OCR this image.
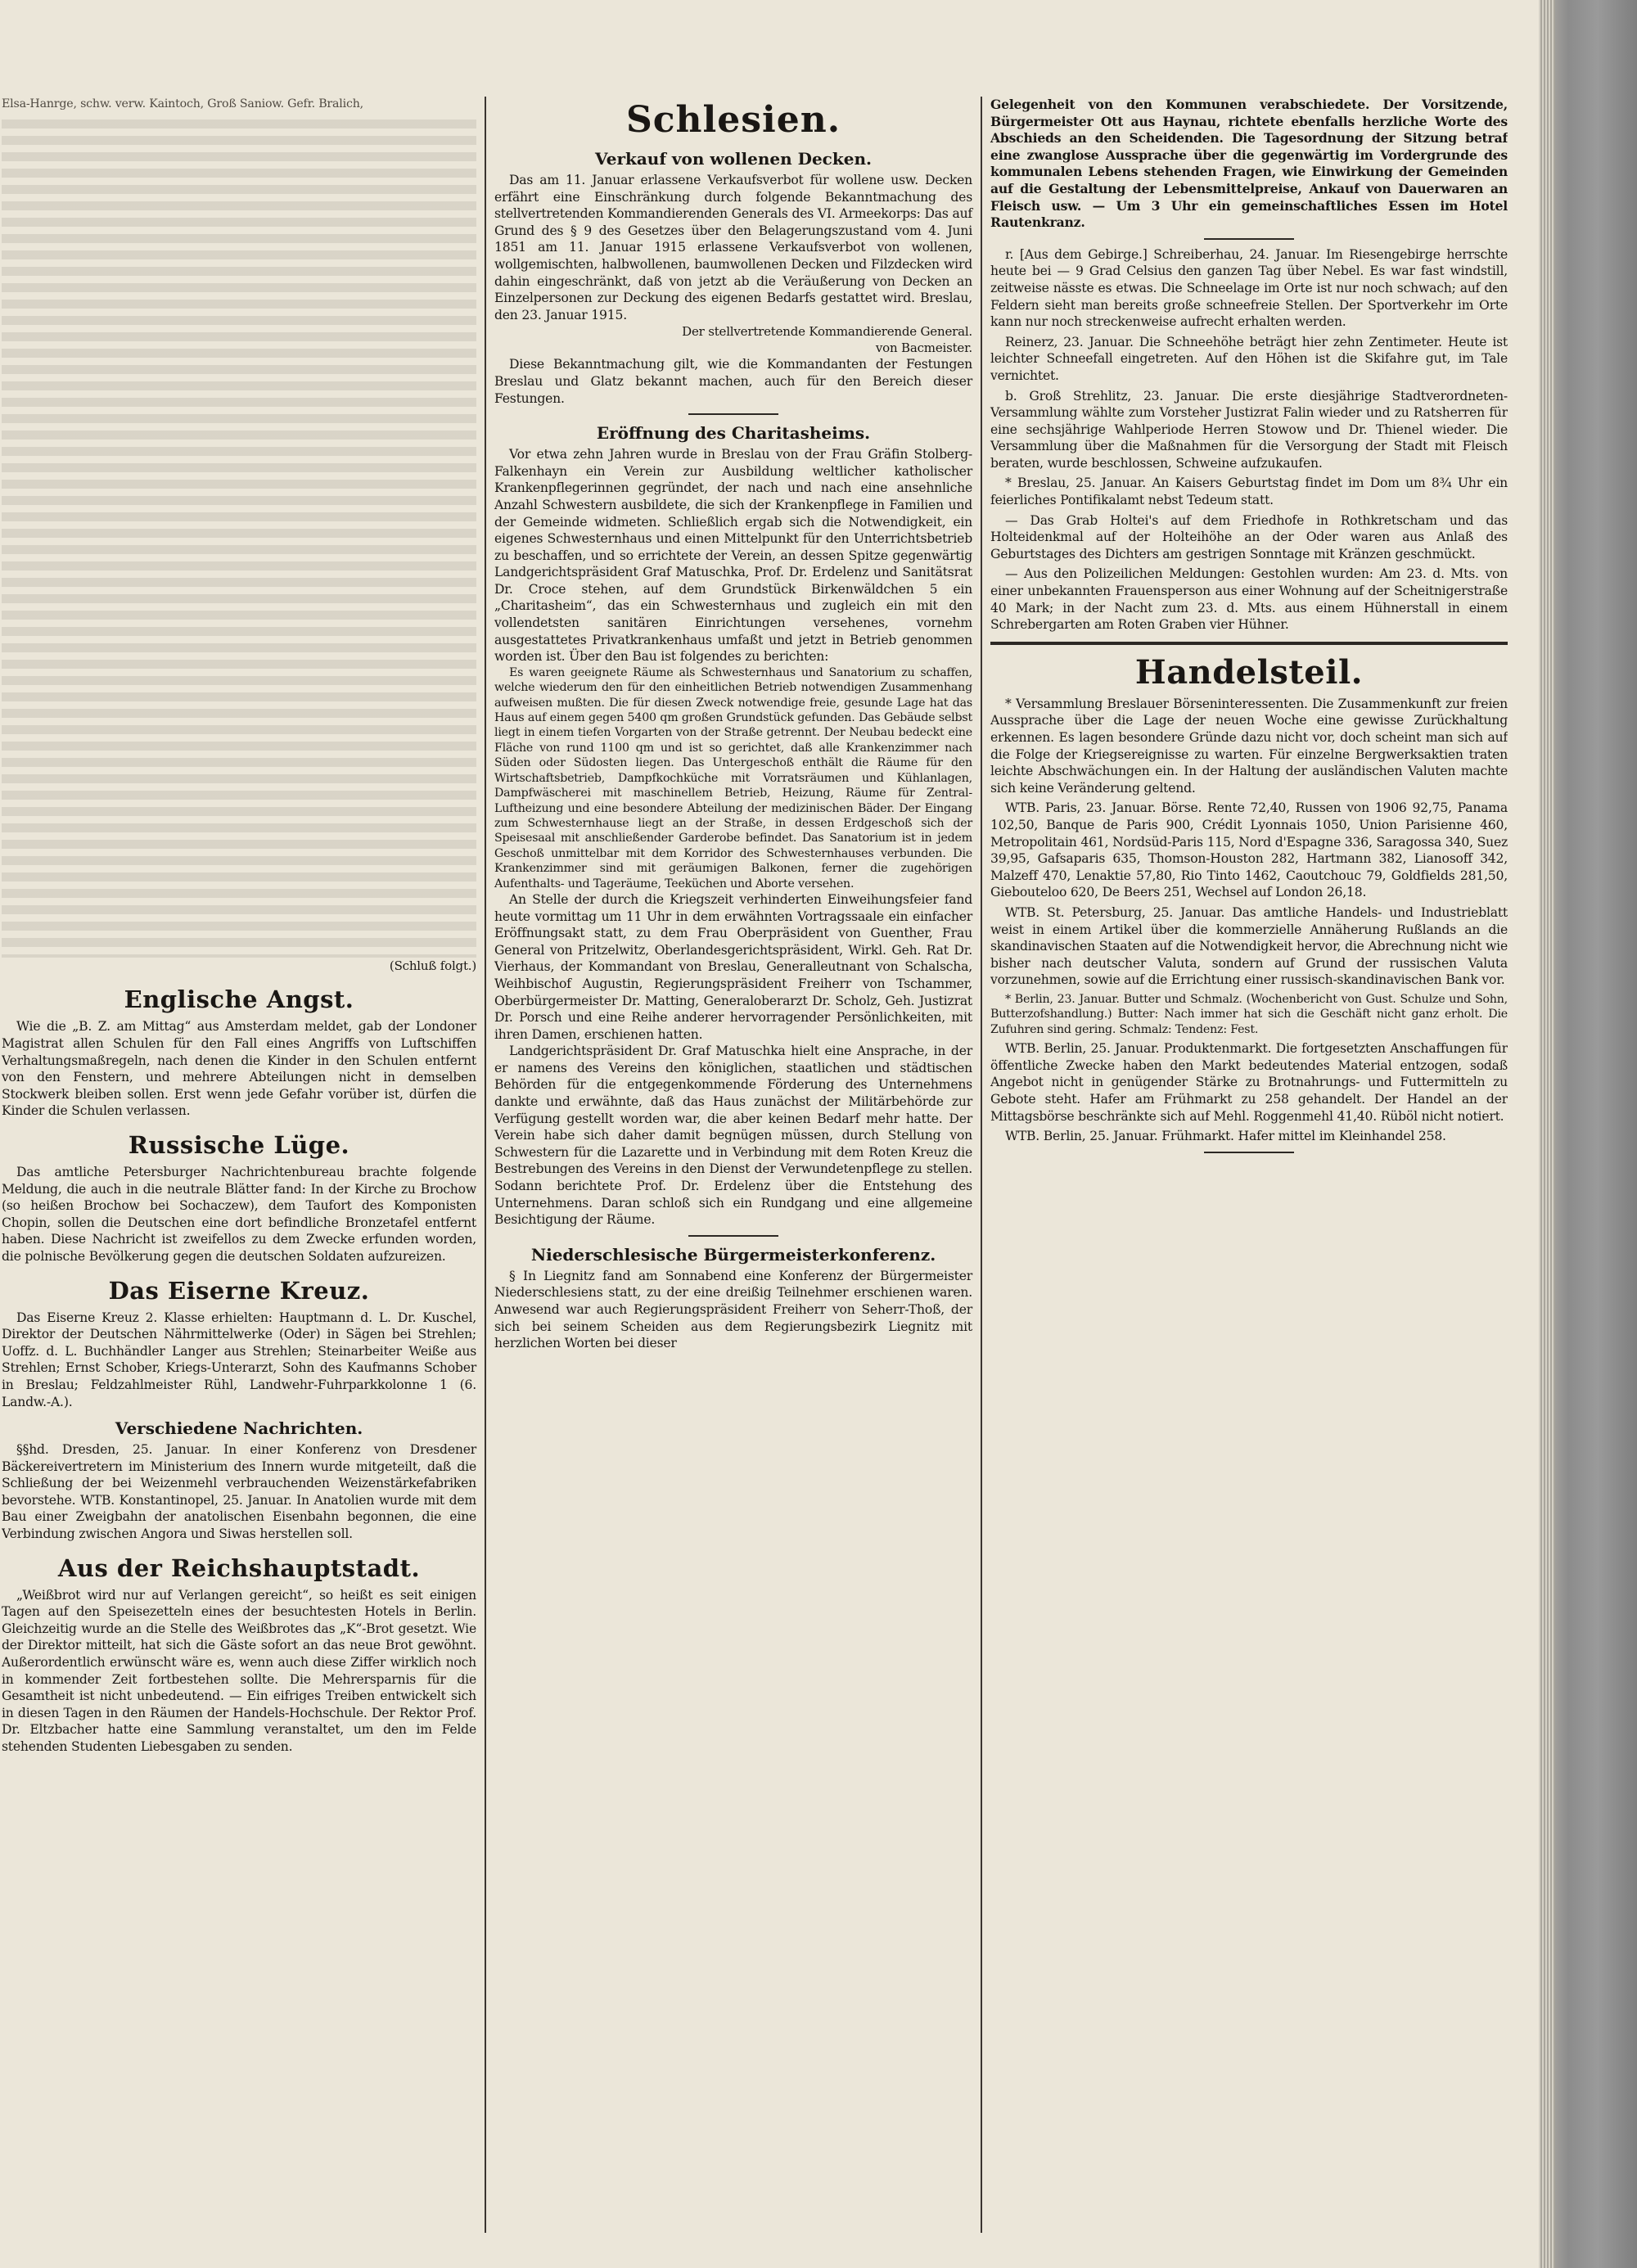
Elsa-Hanrge, schw. verw. Kaintoch, Groß Saniow. Gefr. Bralich,

(Schluß folgt.)

Englische Angst.

Wie die „B. Z. am Mittag“ aus Amsterdam meldet, gab der Londoner Magistrat allen Schulen für den Fall eines Angriffs von Luftschiffen Verhaltungsmaßregeln, nach denen die Kinder in den Schulen entfernt von den Fenstern, und mehrere Abteilungen nicht in demselben Stockwerk bleiben sollen. Erst wenn jede Gefahr vorüber ist, dürfen die Kinder die Schulen verlassen.

Russische Lüge.

Das amtliche Petersburger Nachrichtenbureau brachte folgende Meldung, die auch in die neutrale Blätter fand: In der Kirche zu Brochow (so heißen Brochow bei Sochaczew), dem Taufort des Komponisten Chopin, sollen die Deutschen eine dort befindliche Bronzetafel entfernt haben. Diese Nachricht ist zweifellos zu dem Zwecke erfunden worden, die polnische Bevölkerung gegen die deutschen Soldaten aufzureizen.

Das Eiserne Kreuz.

Das Eiserne Kreuz 2. Klasse erhielten: Hauptmann d. L. Dr. Kuschel, Direktor der Deutschen Nährmittelwerke (Oder) in Sägen bei Strehlen; Uoffz. d. L. Buchhändler Langer aus Strehlen; Steinarbeiter Weiße aus Strehlen; Ernst Schober, Kriegs-Unterarzt, Sohn des Kaufmanns Schober in Breslau; Feldzahlmeister Rühl, Landwehr-Fuhrparkkolonne 1 (6. Landw.-A.).

Verschiedene Nachrichten.

§§hd. Dresden, 25. Januar. In einer Konferenz von Dresdener Bäckereivertretern im Ministerium des Innern wurde mitgeteilt, daß die Schließung der bei Weizenmehl verbrauchenden Weizenstärkefabriken bevorstehe. WTB. Konstantinopel, 25. Januar. In Anatolien wurde mit dem Bau einer Zweigbahn der anatolischen Eisenbahn begonnen, die eine Verbindung zwischen Angora und Siwas herstellen soll.

Aus der Reichshauptstadt.

„Weißbrot wird nur auf Verlangen gereicht“, so heißt es seit einigen Tagen auf den Speisezetteln eines der besuchtesten Hotels in Berlin. Gleichzeitig wurde an die Stelle des Weißbrotes das „K“-Brot gesetzt. Wie der Direktor mitteilt, hat sich die Gäste sofort an das neue Brot gewöhnt. Außerordentlich erwünscht wäre es, wenn auch diese Ziffer wirklich noch in kommender Zeit fortbestehen sollte. Die Mehrersparnis für die Gesamtheit ist nicht unbedeutend. — Ein eifriges Treiben entwickelt sich in diesen Tagen in den Räumen der Handels-Hochschule. Der Rektor Prof. Dr. Eltzbacher hatte eine Sammlung veranstaltet, um den im Felde stehenden Studenten Liebesgaben zu senden.

Schlesien.
Verkauf von wollenen Decken.

Das am 11. Januar erlassene Verkaufsverbot für wollene usw. Decken erfährt eine Einschränkung durch folgende Bekanntmachung des stellvertretenden Kommandierenden Generals des VI. Armeekorps: Das auf Grund des § 9 des Gesetzes über den Belagerungszustand vom 4. Juni 1851 am 11. Januar 1915 erlassene Verkaufsverbot von wollenen, wollgemischten, halbwollenen, baumwollenen Decken und Filzdecken wird dahin eingeschränkt, daß von jetzt ab die Veräußerung von Decken an Einzelpersonen zur Deckung des eigenen Bedarfs gestattet wird. Breslau, den 23. Januar 1915.

Der stellvertretende Kommandierende General.

von Bacmeister.

Diese Bekanntmachung gilt, wie die Kommandanten der Festungen Breslau und Glatz bekannt machen, auch für den Bereich dieser Festungen.

Eröffnung des Charitasheims.

Vor etwa zehn Jahren wurde in Breslau von der Frau Gräfin Stolberg-Falkenhayn ein Verein zur Ausbildung weltlicher katholischer Krankenpflegerinnen gegründet, der nach und nach eine ansehnliche Anzahl Schwestern ausbildete, die sich der Krankenpflege in Familien und der Gemeinde widmeten. Schließlich ergab sich die Notwendigkeit, ein eigenes Schwesternhaus und einen Mittelpunkt für den Unterrichtsbetrieb zu beschaffen, und so errichtete der Verein, an dessen Spitze gegenwärtig Landgerichtspräsident Graf Matuschka, Prof. Dr. Erdelenz und Sanitätsrat Dr. Croce stehen, auf dem Grundstück Birkenwäldchen 5 ein „Charitasheim“, das ein Schwesternhaus und zugleich ein mit den vollendetsten sanitären Einrichtungen versehenes, vornehm ausgestattetes Privatkrankenhaus umfaßt und jetzt in Betrieb genommen worden ist. Über den Bau ist folgendes zu berichten:

Es waren geeignete Räume als Schwesternhaus und Sanatorium zu schaffen, welche wiederum den für den einheitlichen Betrieb notwendigen Zusammenhang aufweisen mußten. Die für diesen Zweck notwendige freie, gesunde Lage hat das Haus auf einem gegen 5400 qm großen Grundstück gefunden. Das Gebäude selbst liegt in einem tiefen Vorgarten von der Straße getrennt. Der Neubau bedeckt eine Fläche von rund 1100 qm und ist so gerichtet, daß alle Krankenzimmer nach Süden oder Südosten liegen. Das Untergeschoß enthält die Räume für den Wirtschaftsbetrieb, Dampfkochküche mit Vorratsräumen und Kühlanlagen, Dampfwäscherei mit maschinellem Betrieb, Heizung, Räume für Zentral-Luftheizung und eine besondere Abteilung der medizinischen Bäder. Der Eingang zum Schwesternhause liegt an der Straße, in dessen Erdgeschoß sich der Speisesaal mit anschließender Garderobe befindet. Das Sanatorium ist in jedem Geschoß unmittelbar mit dem Korridor des Schwesternhauses verbunden. Die Krankenzimmer sind mit geräumigen Balkonen, ferner die zugehörigen Aufenthalts- und Tageräume, Teeküchen und Aborte versehen.

An Stelle der durch die Kriegszeit verhinderten Einweihungsfeier fand heute vormittag um 11 Uhr in dem erwähnten Vortragssaale ein einfacher Eröffnungsakt statt, zu dem Frau Oberpräsident von Guenther, Frau General von Pritzelwitz, Oberlandesgerichtspräsident, Wirkl. Geh. Rat Dr. Vierhaus, der Kommandant von Breslau, Generalleutnant von Schalscha, Weihbischof Augustin, Regierungspräsident Freiherr von Tschammer, Oberbürgermeister Dr. Matting, Generaloberarzt Dr. Scholz, Geh. Justizrat Dr. Porsch und eine Reihe anderer hervorragender Persönlichkeiten, mit ihren Damen, erschienen hatten.

Landgerichtspräsident Dr. Graf Matuschka hielt eine Ansprache, in der er namens des Vereins den königlichen, staatlichen und städtischen Behörden für die entgegenkommende Förderung des Unternehmens dankte und erwähnte, daß das Haus zunächst der Militärbehörde zur Verfügung gestellt worden war, die aber keinen Bedarf mehr hatte. Der Verein habe sich daher damit begnügen müssen, durch Stellung von Schwestern für die Lazarette und in Verbindung mit dem Roten Kreuz die Bestrebungen des Vereins in den Dienst der Verwundetenpflege zu stellen. Sodann berichtete Prof. Dr. Erdelenz über die Entstehung des Unternehmens. Daran schloß sich ein Rundgang und eine allgemeine Besichtigung der Räume.

Niederschlesische Bürgermeisterkonferenz.

§ In Liegnitz fand am Sonnabend eine Konferenz der Bürgermeister Niederschlesiens statt, zu der eine dreißig Teilnehmer erschienen waren. Anwesend war auch Regierungspräsident Freiherr von Seherr-Thoß, der sich bei seinem Scheiden aus dem Regierungsbezirk Liegnitz mit herzlichen Worten bei dieser

Gelegenheit von den Kommunen verabschiedete. Der Vorsitzende, Bürgermeister Ott aus Haynau, richtete ebenfalls herzliche Worte des Abschieds an den Scheidenden. Die Tagesordnung der Sitzung betraf eine zwanglose Aussprache über die gegenwärtig im Vordergrunde des kommunalen Lebens stehenden Fragen, wie Einwirkung der Gemeinden auf die Gestaltung der Lebensmittelpreise, Ankauf von Dauerwaren an Fleisch usw. — Um 3 Uhr ein gemeinschaftliches Essen im Hotel Rautenkranz.

r. [Aus dem Gebirge.] Schreiberhau, 24. Januar. Im Riesengebirge herrschte heute bei — 9 Grad Celsius den ganzen Tag über Nebel. Es war fast windstill, zeitweise nässte es etwas. Die Schneelage im Orte ist nur noch schwach; auf den Feldern sieht man bereits große schneefreie Stellen. Der Sportverkehr im Orte kann nur noch streckenweise aufrecht erhalten werden.

Reinerz, 23. Januar. Die Schneehöhe beträgt hier zehn Zentimeter. Heute ist leichter Schneefall eingetreten. Auf den Höhen ist die Skifahre gut, im Tale vernichtet.

b. Groß Strehlitz, 23. Januar. Die erste diesjährige Stadtverordneten-Versammlung wählte zum Vorsteher Justizrat Falin wieder und zu Ratsherren für eine sechsjährige Wahlperiode Herren Stowow und Dr. Thienel wieder. Die Versammlung über die Maßnahmen für die Versorgung der Stadt mit Fleisch beraten, wurde beschlossen, Schweine aufzukaufen.

* Breslau, 25. Januar. An Kaisers Geburtstag findet im Dom um 8¾ Uhr ein feierliches Pontifikalamt nebst Tedeum statt.

— Das Grab Holtei's auf dem Friedhofe in Rothkretscham und das Holteidenkmal auf der Holteihöhe an der Oder waren aus Anlaß des Geburtstages des Dichters am gestrigen Sonntage mit Kränzen geschmückt.

— Aus den Polizeilichen Meldungen: Gestohlen wurden: Am 23. d. Mts. von einer unbekannten Frauensperson aus einer Wohnung auf der Scheitnigerstraße 40 Mark; in der Nacht zum 23. d. Mts. aus einem Hühnerstall in einem Schrebergarten am Roten Graben vier Hühner.

Handelsteil.

* Versammlung Breslauer Börseninteressenten. Die Zusammenkunft zur freien Aussprache über die Lage der neuen Woche eine gewisse Zurückhaltung erkennen. Es lagen besondere Gründe dazu nicht vor, doch scheint man sich auf die Folge der Kriegsereignisse zu warten. Für einzelne Bergwerksaktien traten leichte Abschwächungen ein. In der Haltung der ausländischen Valuten machte sich keine Veränderung geltend.

WTB. Paris, 23. Januar. Börse. Rente 72,40, Russen von 1906 92,75, Panama 102,50, Banque de Paris 900, Crédit Lyonnais 1050, Union Parisienne 460, Metropolitain 461, Nordsüd-Paris 115, Nord d'Espagne 336, Saragossa 340, Suez 39,95, Gafsaparis 635, Thomson-Houston 282, Hartmann 382, Lianosoff 342, Malzeff 470, Lenaktie 57,80, Rio Tinto 1462, Caoutchouc 79, Goldfields 281,50, Giebouteloo 620, De Beers 251, Wechsel auf London 26,18.

WTB. St. Petersburg, 25. Januar. Das amtliche Handels- und Industrieblatt weist in einem Artikel über die kommerzielle Annäherung Rußlands an die skandinavischen Staaten auf die Notwendigkeit hervor, die Abrechnung nicht wie bisher nach deutscher Valuta, sondern auf Grund der russischen Valuta vorzunehmen, sowie auf die Errichtung einer russisch-skandinavischen Bank vor.

* Berlin, 23. Januar. Butter und Schmalz. (Wochenbericht von Gust. Schulze und Sohn, Butterzofshandlung.) Butter: Nach immer hat sich die Geschäft nicht ganz erholt. Die Zufuhren sind gering. Schmalz: Tendenz: Fest.

WTB. Berlin, 25. Januar. Produktenmarkt. Die fortgesetzten Anschaffungen für öffentliche Zwecke haben den Markt bedeutendes Material entzogen, sodaß Angebot nicht in genügender Stärke zu Brotnahrungs- und Futtermitteln zu Gebote steht. Hafer am Frühmarkt zu 258 gehandelt. Der Handel an der Mittagsbörse beschränkte sich auf Mehl. Roggenmehl 41,40. Rüböl nicht notiert.

WTB. Berlin, 25. Januar. Frühmarkt. Hafer mittel im Kleinhandel 258.
